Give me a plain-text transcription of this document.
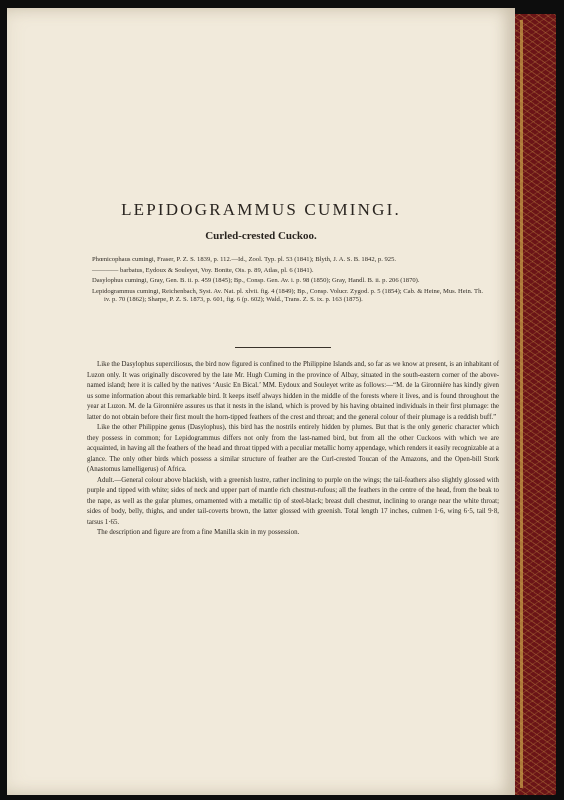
LEPIDOGRAMMUS CUMINGI.
Curled-crested Cuckoo.

Phœnicophaus cumingi, Fraser, P. Z. S. 1839, p. 112.—Id., Zool. Typ. pl. 53 (1841); Blyth, J. A. S. B. 1842, p. 925.

———— barbatus, Eydoux & Souleyet, Voy. Bonite, Ois. p. 89, Atlas, pl. 6 (1841).

Dasylophus cumingi, Gray, Gen. B. ii. p. 459 (1845); Bp., Consp. Gen. Av. i. p. 98 (1850); Gray, Handl. B. ii. p. 206 (1870).

Lepidogrammus cumingi, Reichenbach, Syst. Av. Nat. pl. xlvii. fig. 4 (1849); Bp., Consp. Volucr. Zygod. p. 5 (1854); Cab. & Heine, Mus. Hein. Th. iv. p. 70 (1862); Sharpe, P. Z. S. 1873, p. 601, fig. 6 (p. 602); Wald., Trans. Z. S. ix. p. 163 (1875).

Like the Dasylophus superciliosus, the bird now figured is confined to the Philippine Islands and, so far as we know at present, is an inhabitant of Luzon only. It was originally discovered by the late Mr. Hugh Cuming in the province of Albay, situated in the south-eastern corner of the above-named island; here it is called by the natives ‘Ausic En Bical.’ MM. Eydoux and Souleyet write as follows:—“M. de la Gironnière has kindly given us some information about this remarkable bird. It keeps itself always hidden in the middle of the forests where it lives, and is found throughout the year at Luzon. M. de la Gironnière assures us that it nests in the island, which is proved by his having obtained individuals in their first plumage: the latter do not obtain before their first moult the horn-tipped feathers of the crest and throat; and the general colour of their plumage is a reddish buff.”

Like the other Philippine genus (Dasylophus), this bird has the nostrils entirely hidden by plumes. But that is the only generic character which they possess in common; for Lepidogrammus differs not only from the last-named bird, but from all the other Cuckoos with which we are acquainted, in having all the feathers of the head and throat tipped with a peculiar metallic horny appendage, which renders it easily recognizable at a glance. The only other birds which possess a similar structure of feather are the Curl-crested Toucan of the Amazons, and the Open-bill Stork (Anastomus lamelligerus) of Africa.

Adult.—General colour above blackish, with a greenish lustre, rather inclining to purple on the wings; the tail-feathers also slightly glossed with purple and tipped with white; sides of neck and upper part of mantle rich chestnut-rufous; all the feathers in the centre of the head, from the beak to the nape, as well as the gular plumes, ornamented with a metallic tip of steel-black; breast dull chestnut, inclining to orange near the white throat; sides of body, belly, thighs, and under tail-coverts brown, the latter glossed with greenish. Total length 17 inches, culmen 1·6, wing 6·5, tail 9·8, tarsus 1·65.

The description and figure are from a fine Manilla skin in my possession.
